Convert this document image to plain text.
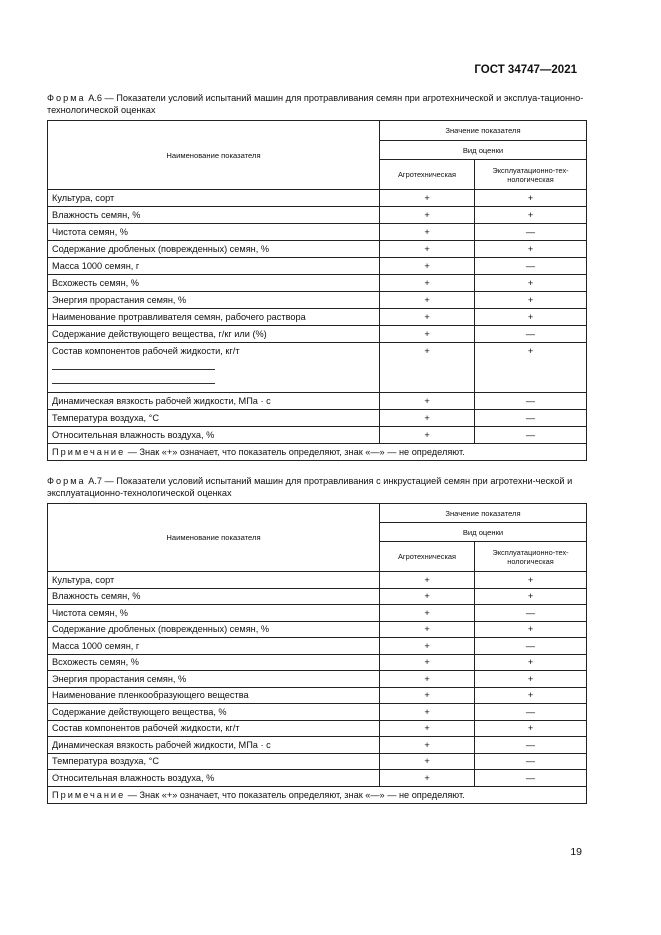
ГОСТ 34747—2021
Форма А.6 — Показатели условий испытаний машин для протравливания семян при агротехнической и эксплуа-тационно-технологической оценках
Наименование показателя	Значение показателя	
	Вид оценки	
	Агротехническая	Эксплуатационно-тех-нологическая
Культура, сорт	+	+
Влажность семян, %	+	+
Чистота семян, %	+	—
Содержание дробленых (поврежденных) семян, %	+	+
Масса 1000 семян, г	+	—
Всхожесть семян, %	+	+
Энергия прорастания семян, %	+	+
Наименование протравливателя семян, рабочего раствора	+	+
Содержание действующего вещества, г/кг или (%)	+	—

Состав компонентов рабочей жидкости, кг/т	+	+
Динамическая вязкость рабочей жидкости, МПа · с	+	—
Температура воздуха, °С	+	—
Относительная влажность воздуха, %	+	—
Примечание — Знак «+» означает, что показатель определяют, знак «—» — не определяют.		
Форма А.7 — Показатели условий испытаний машин для протравливания с инкрустацией семян при агротехни-ческой и эксплуатационно-технологической оценках
Наименование показателя	Значение показателя	
	Вид оценки	
	Агротехническая	Эксплуатационно-тех-нологическая
Культура, сорт	+	+
Влажность семян, %	+	+
Чистота семян, %	+	—
Содержание дробленых (поврежденных) семян, %	+	+
Масса 1000 семян, г	+	—
Всхожесть семян, %	+	+
Энергия прорастания семян, %	+	+
Наименование пленкообразующего вещества	+	+
Содержание действующего вещества, %	+	—
Состав компонентов рабочей жидкости, кг/т	+	+
Динамическая вязкость рабочей жидкости, МПа · с	+	—
Температура воздуха, °С	+	—
Относительная влажность воздуха, %	+	—
Примечание — Знак «+» означает, что показатель определяют, знак «—» — не определяют.		
19
